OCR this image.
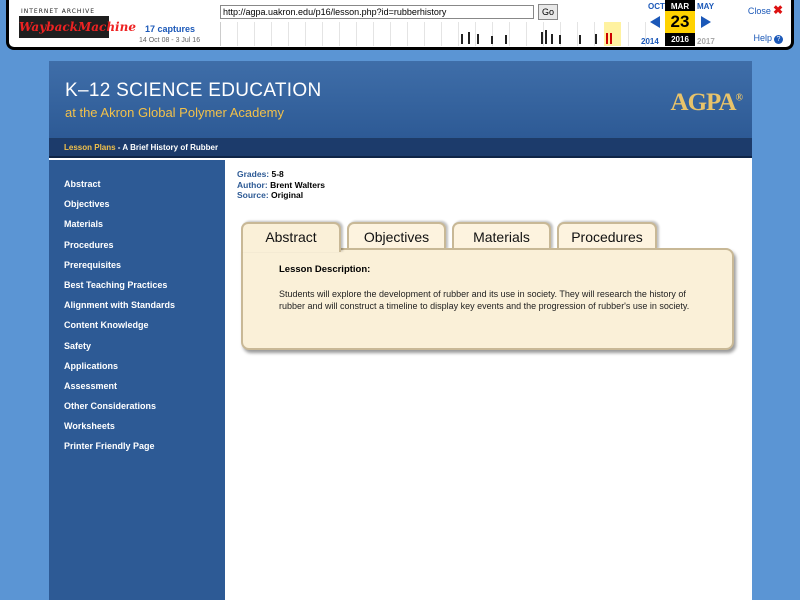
INTERNET ARCHIVE
WaybackMachine
http://agpa.uakron.edu/p16/lesson.php?id=rubberhistory	Go
17 captures
14 Oct 08 - 3 Jul 16
OCT
2014
MAR
23
2016
MAY
2017
Close ✖
Help ?
K–12 SCIENCE EDUCATION
at the Akron Global Polymer Academy	AGPA®
Lesson Plans - A Brief History of Rubber
Abstract
Objectives
Materials
Procedures
Prerequisites
Best Teaching Practices
Alignment with Standards
Content Knowledge
Safety
Applications
Assessment
Other Considerations
Worksheets
Printer Friendly Page
Grades: 5-8
Author: Brent Walters
Source: Original
Abstract	Objectives	Materials	Procedures
Lesson Description:
Students will explore the development of rubber and its use in society. They will research the history of rubber and will construct a timeline to display key events and the progression of rubber's use in society.
